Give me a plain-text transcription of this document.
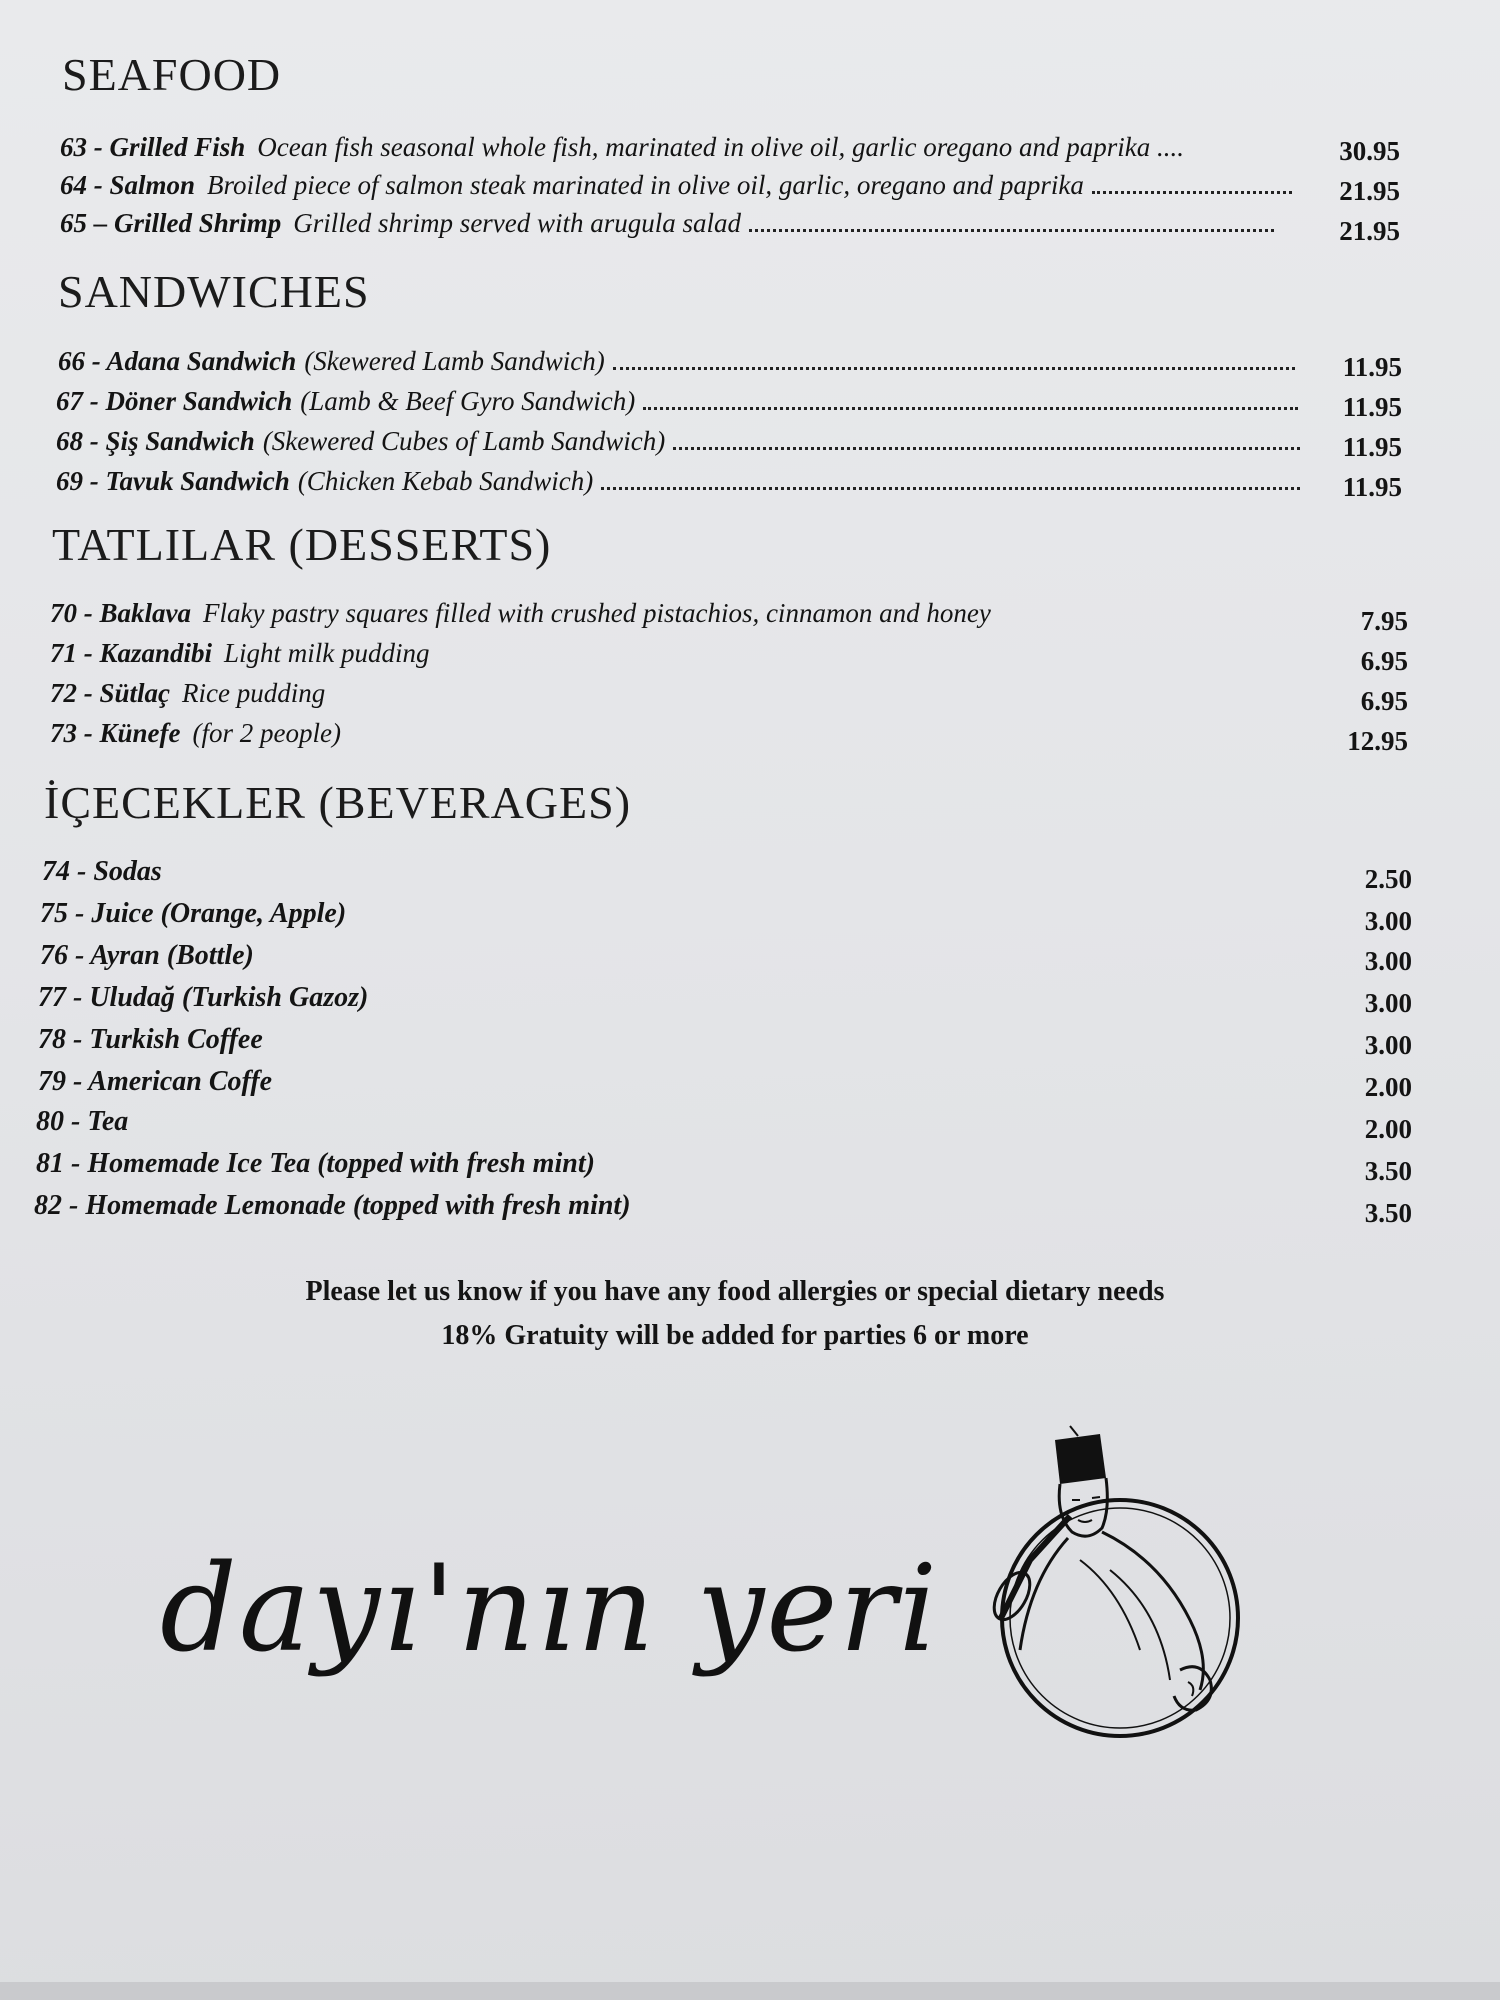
SEAFOOD
63 - Grilled Fish Ocean fish seasonal whole fish, marinated in olive oil, garlic oregano and paprika ....	30.95
64 - Salmon Broiled piece of salmon steak marinated in olive oil, garlic, oregano and paprika	21.95
65 – Grilled Shrimp Grilled shrimp served with arugula salad	21.95
SANDWICHES
66 - Adana Sandwich (Skewered Lamb Sandwich)	11.95
67 - Döner Sandwich (Lamb & Beef Gyro Sandwich)	11.95
68 - Şiş Sandwich (Skewered Cubes of Lamb Sandwich)	11.95
69 - Tavuk Sandwich (Chicken Kebab Sandwich)	11.95
TATLILAR (DESSERTS)
70 - Baklava Flaky pastry squares filled with crushed pistachios, cinnamon and honey	7.95
71 - Kazandibi Light milk pudding	6.95
72 - Sütlaç Rice pudding	6.95
73 - Künefe (for 2 people)	12.95
İÇECEKLER (BEVERAGES)
74 - Sodas	2.50
75 - Juice (Orange, Apple)	3.00
76 - Ayran (Bottle)	3.00
77 - Uludağ (Turkish Gazoz)	3.00
78 - Turkish Coffee	3.00
79 - American Coffe	2.00
80 - Tea	2.00
81 - Homemade Ice Tea (topped with fresh mint)	3.50
82 - Homemade Lemonade (topped with fresh mint)	3.50
Please let us know if you have any food allergies or special dietary needs
18% Gratuity will be added for parties 6 or more
dayı'nın yeri
